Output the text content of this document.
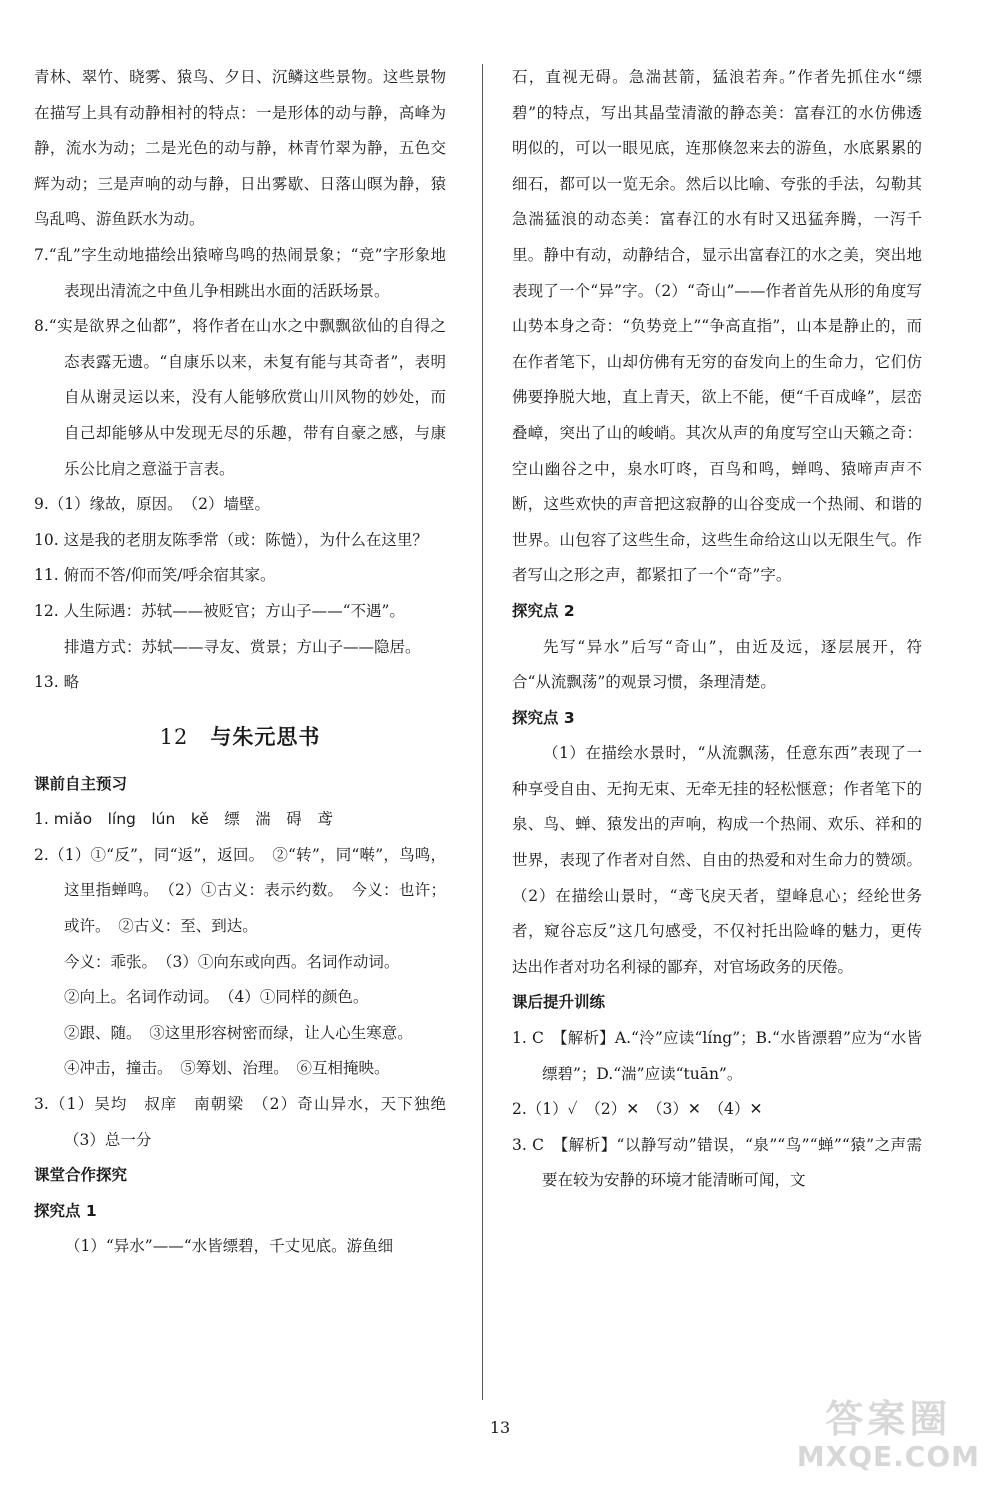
青林、翠竹、晓雾、猿鸟、夕日、沉鳞这些景物。这些景物在描写上具有动静相衬的特点：一是形体的动与静，高峰为静，流水为动；二是光色的动与静，林青竹翠为静，五色交辉为动；三是声响的动与静，日出雾歇、日落山暝为静，猿鸟乱鸣、游鱼跃水为动。

7.“乱”字生动地描绘出猿啼鸟鸣的热闹景象；“竞”字形象地表现出清流之中鱼儿争相跳出水面的活跃场景。

8.“实是欲界之仙都”，将作者在山水之中飘飘欲仙的自得之态表露无遗。“自康乐以来，未复有能与其奇者”，表明自从谢灵运以来，没有人能够欣赏山川风物的妙处，而自己却能够从中发现无尽的乐趣，带有自豪之感，与康乐公比肩之意溢于言表。

9.（1）缘故，原因。　（2）墙壁。

10. 这是我的老朋友陈季常（或：陈慥），为什么在这里？

11. 俯而不答/仰而笑/呼余宿其家。

12. 人生际遇：苏轼——被贬官；方山子——“不遇”。

排遣方式：苏轼——寻友、赏景；方山子——隐居。

13. 略

12 与朱元思书

课前自主预习

1. miǎo　líng　lún　kě　缥　湍　碍　鸢

2.（1）①“反”，同“返”，返回。　②“转”，同“啭”，鸟鸣，这里指蝉鸣。　（2）①古义：表示约数。　今义：也许；或许。　②古义：至、到达。

今义：乖张。　（3）①向东或向西。名词作动词。

②向上。名词作动词。　（4）①同样的颜色。

②跟、随。　③这里形容树密而绿，让人心生寒意。

④冲击，撞击。　⑤筹划、治理。　⑥互相掩映。

3.（1）吴均　叔庠　南朝梁　（2）奇山异水，天下独绝　（3）总一分

课堂合作探究

探究点 1

（1）“异水”——“水皆缥碧，千丈见底。游鱼细

石，直视无碍。急湍甚箭，猛浪若奔。”作者先抓住水“缥碧”的特点，写出其晶莹清澈的静态美：富春江的水仿佛透明似的，可以一眼见底，连那倏忽来去的游鱼，水底累累的细石，都可以一览无余。然后以比喻、夸张的手法，勾勒其急湍猛浪的动态美：富春江的水有时又迅猛奔腾，一泻千里。静中有动，动静结合，显示出富春江的水之美，突出地表现了一个“异”字。（2）“奇山”——作者首先从形的角度写山势本身之奇：“负势竞上”“争高直指”，山本是静止的，而在作者笔下，山却仿佛有无穷的奋发向上的生命力，它们仿佛要挣脱大地，直上青天，欲上不能，便“千百成峰”，层峦叠嶂，突出了山的峻峭。其次从声的角度写空山天籁之奇：空山幽谷之中，泉水叮咚，百鸟和鸣，蝉鸣、猿啼声声不断，这些欢快的声音把这寂静的山谷变成一个热闹、和谐的世界。山包容了这些生命，这些生命给这山以无限生气。作者写山之形之声，都紧扣了一个“奇”字。

探究点 2

先写“异水”后写“奇山”，由近及远，逐层展开，符合“从流飘荡”的观景习惯，条理清楚。

探究点 3

（1）在描绘水景时，“从流飘荡，任意东西”表现了一种享受自由、无拘无束、无牵无挂的轻松惬意；作者笔下的泉、鸟、蝉、猿发出的声响，构成一个热闹、欢乐、祥和的世界，表现了作者对自然、自由的热爱和对生命力的赞颂。（2）在描绘山景时，“鸢飞戾天者，望峰息心；经纶世务者，窥谷忘反”这几句感受，不仅衬托出险峰的魅力，更传达出作者对功名利禄的鄙弃，对官场政务的厌倦。

课后提升训练

1. C　【解析】A.“泠”应读“líng”；B.“水皆漂碧”应为“水皆缥碧”；D.“湍”应读“tuān”。

2.（1）✓　（2）✕　（3）✕　（4）✕

3. C　【解析】“以静写动”错误，“泉”“鸟”“蝉”“猿”之声需要在较为安静的环境才能清晰可闻，文

13	答案圈
MXQE.COM
